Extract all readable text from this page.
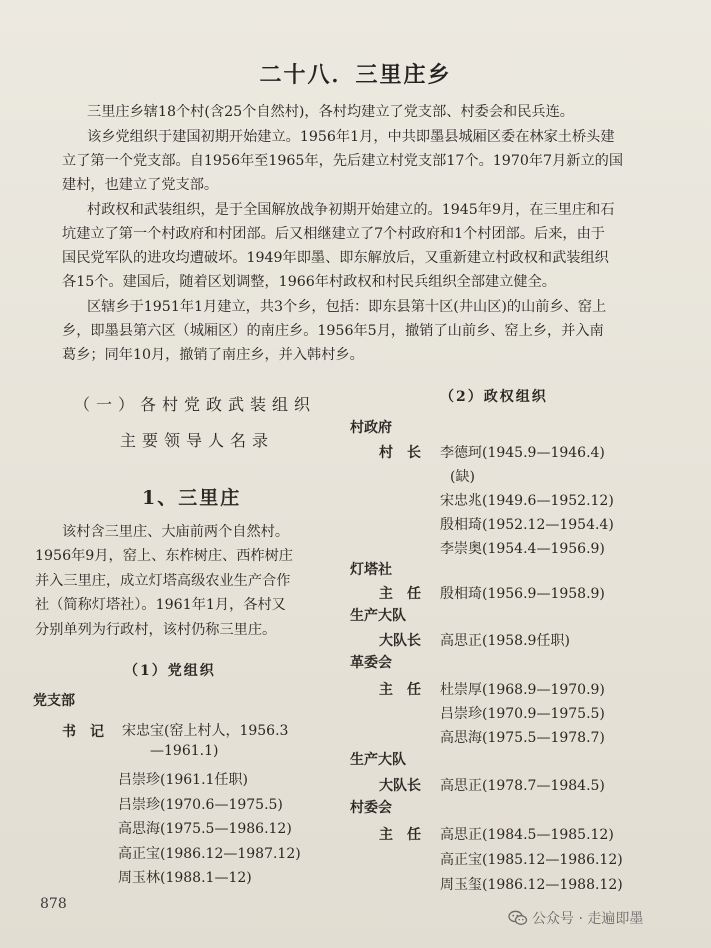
二十八．三里庄乡
三里庄乡辖18个村(含25个自然村)，各村均建立了党支部、村委会和民兵连。
该乡党组织于建国初期开始建立。1956年1月，中共即墨县城厢区委在林家土桥头建
立了第一个党支部。自1956年至1965年，先后建立村党支部17个。1970年7月新立的国
建村，也建立了党支部。
村政权和武装组织，是于全国解放战争初期开始建立的。1945年9月，在三里庄和石
坑建立了第一个村政府和村团部。后又相继建立了7个村政府和1个村团部。后来，由于
国民党军队的进攻均遭破坏。1949年即墨、即东解放后，又重新建立村政权和武装组织
各15个。建国后，随着区划调整，1966年村政权和村民兵组织全部建立健全。
区辖乡于1951年1月建立，共3个乡，包括：即东县第十区(井山区)的山前乡、窑上
乡，即墨县第六区（城厢区）的南庄乡。1956年5月，撤销了山前乡、窑上乡，并入南
葛乡；同年10月，撤销了南庄乡，并入韩村乡。
（一）各村党政武装组织
主要领导人名录
1、三里庄
该村含三里庄、大庙前两个自然村。
1956年9月，窑上、东柞树庄、西柞树庄
并入三里庄，成立灯塔高级农业生产合作
社（简称灯塔社）。1961年1月，各村又
分别单列为行政村，该村仍称三里庄。
（1）党组织
党支部
书　记 宋忠宝(窑上村人，1956.3
—1961.1)
吕崇珍(1961.1任职)
吕崇珍(1970.6—1975.5)
高思海(1975.5—1986.12)
高正宝(1986.12—1987.12)
周玉林(1988.1—12)
（2）政权组织
村政府
村　长 李德珂(1945.9—1946.4)
(缺)
宋忠兆(1949.6—1952.12)
殷相琦(1952.12—1954.4)
李崇奥(1954.4—1956.9)
灯塔社
主　任 殷相琦(1956.9—1958.9)
生产大队
大队长 高思正(1958.9任职)
革委会
主　任 杜崇厚(1968.9—1970.9)
吕崇珍(1970.9—1975.5)
高思海(1975.5—1978.7)
生产大队
大队长 高思正(1978.7—1984.5)
村委会
主　任 高思正(1984.5—1985.12)
高正宝(1985.12—1986.12)
周玉玺(1986.12—1988.12)
878
公众号 · 走遍即墨
